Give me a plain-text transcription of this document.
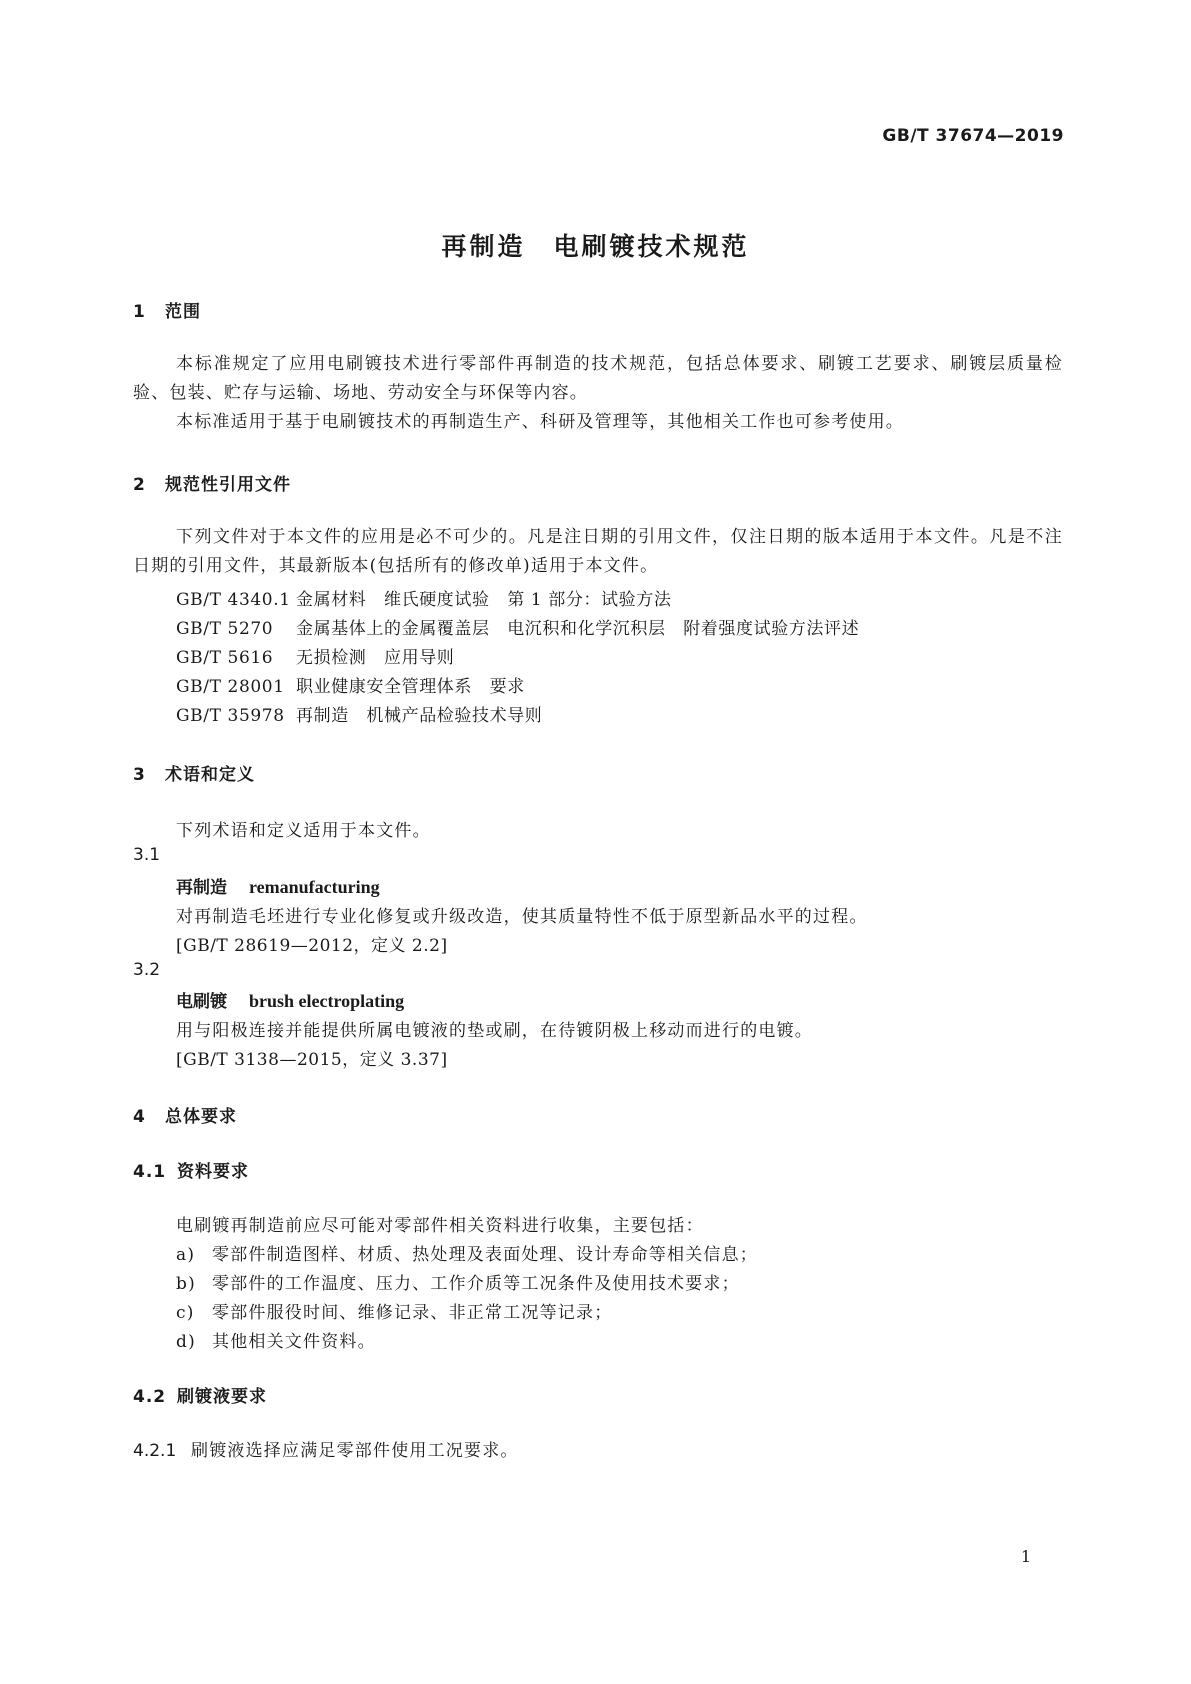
GB/T 37674—2019
再制造　电刷镀技术规范
1 范围
本标准规定了应用电刷镀技术进行零部件再制造的技术规范，包括总体要求、刷镀工艺要求、刷镀层质量检验、包装、贮存与运输、场地、劳动安全与环保等内容。
本标准适用于基于电刷镀技术的再制造生产、科研及管理等，其他相关工作也可参考使用。
2 规范性引用文件
下列文件对于本文件的应用是必不可少的。凡是注日期的引用文件，仅注日期的版本适用于本文件。凡是不注日期的引用文件，其最新版本(包括所有的修改单)适用于本文件。
GB/T 4340.1 金属材料　维氏硬度试验　第 1 部分：试验方法
GB/T 5270 金属基体上的金属覆盖层　电沉积和化学沉积层　附着强度试验方法评述
GB/T 5616 无损检测　应用导则
GB/T 28001 职业健康安全管理体系　要求
GB/T 35978 再制造　机械产品检验技术导则
3 术语和定义
下列术语和定义适用于本文件。
3.1
再制造 remanufacturing
对再制造毛坯进行专业化修复或升级改造，使其质量特性不低于原型新品水平的过程。
[GB/T 28619—2012，定义 2.2]
3.2
电刷镀 brush electroplating
用与阳极连接并能提供所属电镀液的垫或刷，在待镀阴极上移动而进行的电镀。
[GB/T 3138—2015，定义 3.37]
4 总体要求
4.1 资料要求
电刷镀再制造前应尽可能对零部件相关资料进行收集，主要包括：
a) 零部件制造图样、材质、热处理及表面处理、设计寿命等相关信息；
b) 零部件的工作温度、压力、工作介质等工况条件及使用技术要求；
c) 零部件服役时间、维修记录、非正常工况等记录；
d) 其他相关文件资料。
4.2 刷镀液要求
4.2.1 刷镀液选择应满足零部件使用工况要求。
1
